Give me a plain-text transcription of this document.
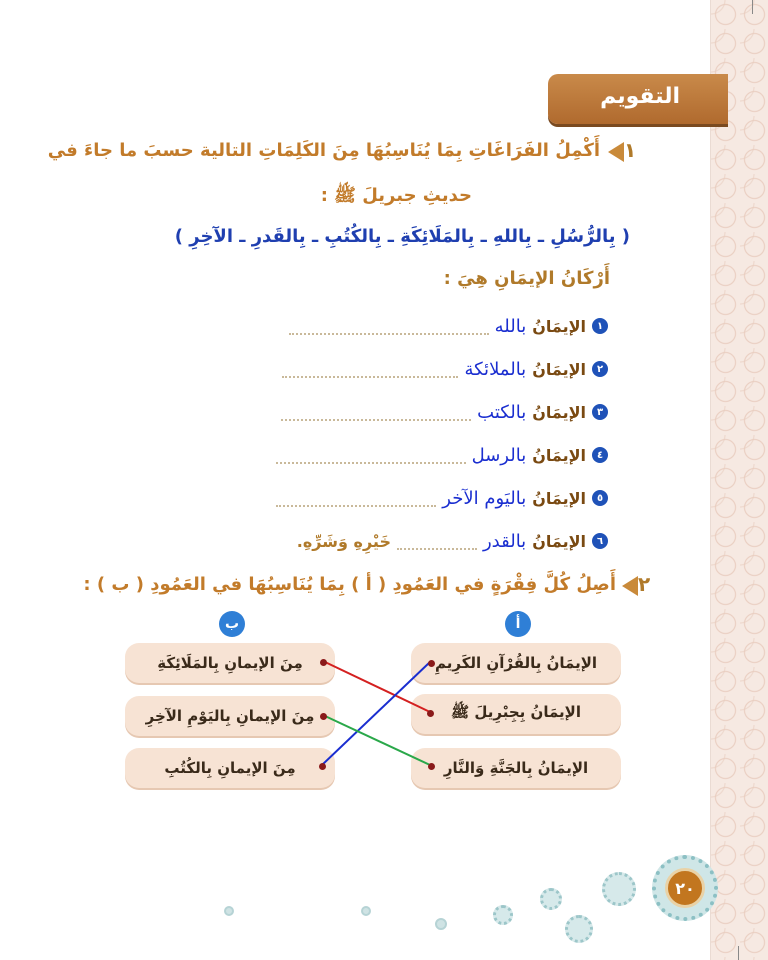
التقويم
١
أَكْمِلُ الفَرَاغَاتِ بِمَا يُنَاسِبُهَا مِنَ الكَلِمَاتِ التالية حسبَ ما جاءَ في
حديثِ جبريلَ ﷺ :
( بِالرُّسُلِ ـ بِاللهِ ـ بِالمَلَائِكَةِ ـ بِالكُتُبِ ـ بِالقَدرِ ـ الآخِرِ )
أَرْكَانُ الإيمَانِ هِيَ :
١
الإيمَانُ
بالله
٢
الإيمَانُ
بالملائكة
٣
الإيمَانُ
بالكتب
٤
الإيمَانُ
بالرسل
٥
الإيمَانُ
باليَوم الآخر
٦
الإيمَانُ
بالقدر
خَيْرِهِ وَشَرِّهِ.
٢
أَصِلُ كُلَّ فِقْرَةٍ في العَمُودِ ( أ ) بِمَا يُنَاسِبُهَا في العَمُودِ ( ب ) :
ب	أ
الإيمَانُ بِالقُرْآنِ الكَرِيمِ
الإيمَانُ بِجِبْرِيلَ ﷺ
الإيمَانُ بِالجَنَّةِ وَالنَّارِ
مِنَ الإيمانِ بِالمَلَائِكَةِ
مِنَ الإيمانِ بِاليَوْمِ الآخِرِ
مِنَ الإيمانِ بِالكُتُبِ
٢٠
